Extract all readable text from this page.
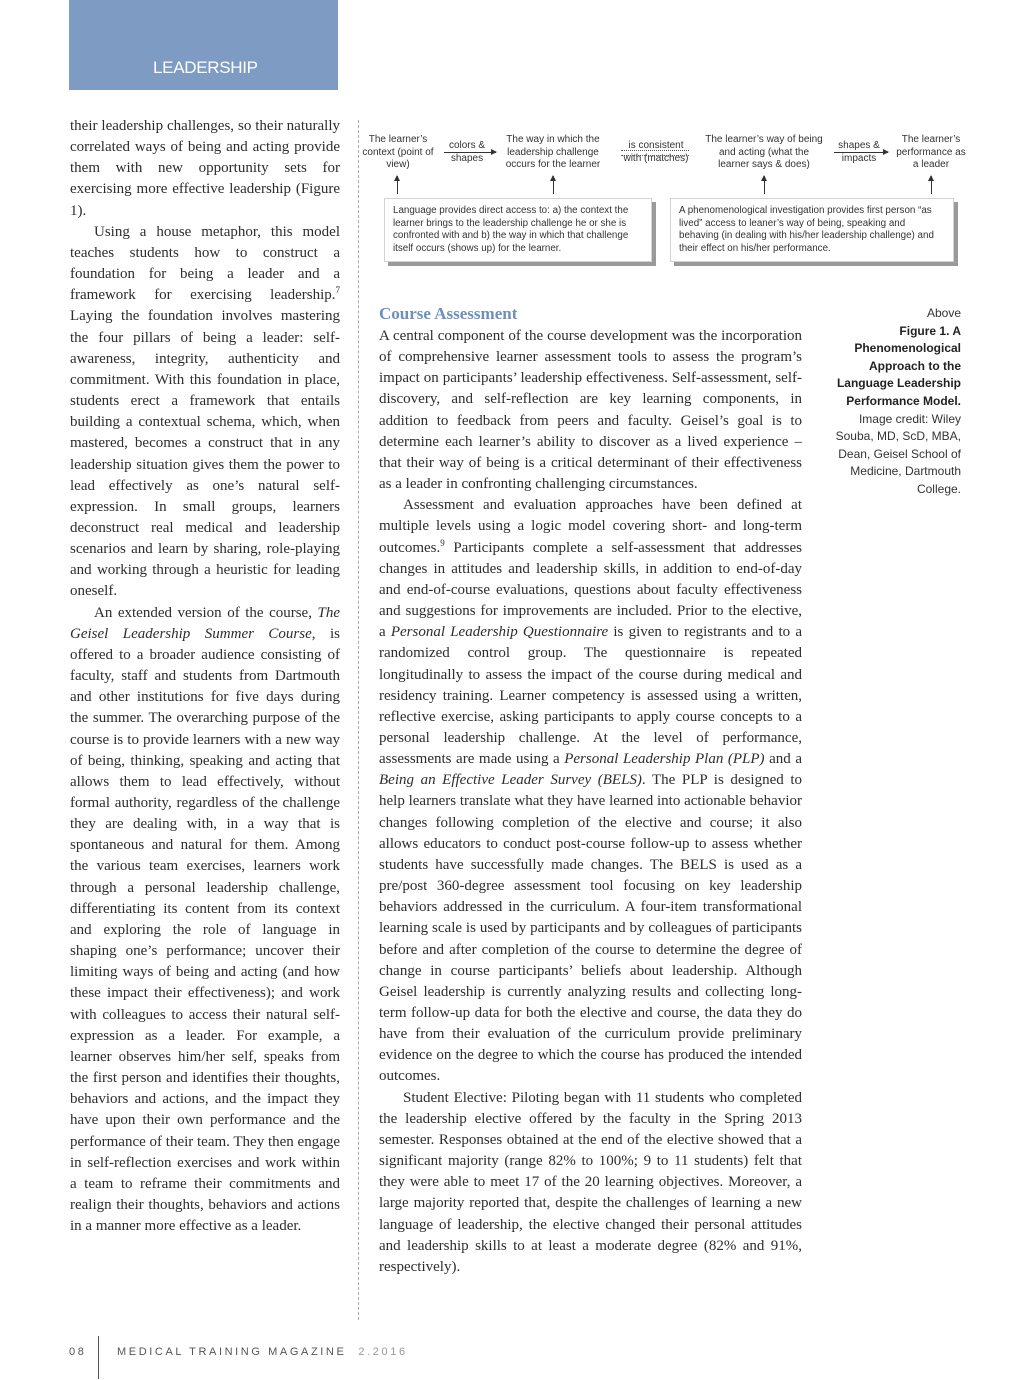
LEADERSHIP

their leadership challenges, so their naturally correlated ways of being and acting provide them with new opportunity sets for exercising more effective leadership (Figure 1).

Using a house metaphor, this model teaches students how to construct a foundation for being a leader and a framework for exercising leadership.$^7$ Laying the foundation involves mastering the four pillars of being a leader: self-awareness, integrity, authenticity and commitment. With this foundation in place, students erect a framework that entails building a contextual schema, which, when mastered, becomes a construct that in any leadership situation gives them the power to lead effectively as one’s natural self-expression. In small groups, learners deconstruct real medical and leadership scenarios and learn by sharing, role-playing and working through a heuristic for leading oneself.

An extended version of the course, The Geisel Leadership Summer Course, is offered to a broader audience consisting of faculty, staff and students from Dartmouth and other institutions for five days during the summer. The overarching purpose of the course is to provide learners with a new way of being, thinking, speaking and acting that allows them to lead effectively, without formal authority, regardless of the challenge they are dealing with, in a way that is spontaneous and natural for them. Among the various team exercises, learners work through a personal leadership challenge, differentiating its content from its context and exploring the role of language in shaping one’s performance; uncover their limiting ways of being and acting (and how these impact their effectiveness); and work with colleagues to access their natural self-expression as a leader. For example, a learner observes him/her self, speaks from the first person and identifies their thoughts, behaviors and actions, and the impact they have upon their own performance and the performance of their team. They then engage in self-reflection exercises and work within a team to reframe their commitments and realign their thoughts, behaviors and actions in a manner more effective as a leader.

The learner’s context (point of view)
colors & shapes
The way in which the leadership challenge occurs for the learner
is consistent with (matches)
The learner’s way of being and acting (what the learner says & does)
shapes & impacts
The learner’s performance as a leader
Language provides direct access to: a) the context the learner brings to the leadership challenge he or she is confronted with and b) the way in which that challenge itself occurs (shows up) for the learner.
A phenomenological investigation provides first person “as lived” access to leaner’s way of being, speaking and behaving (in dealing with his/her leadership challenge) and their effect on his/her performance.
Course Assessment

A central component of the course development was the incorporation of comprehensive learner assessment tools to assess the program’s impact on participants’ leadership effectiveness. Self-assessment, self-discovery, and self-reflection are key learning components, in addition to feedback from peers and faculty. Geisel’s goal is to determine each learner’s ability to discover as a lived experience – that their way of being is a critical determinant of their effectiveness as a leader in confronting challenging circumstances.

Assessment and evaluation approaches have been defined at multiple levels using a logic model covering short- and long-term outcomes.$^9$ Participants complete a self-assessment that addresses changes in attitudes and leadership skills, in addition to end-of-day and end-of-course evaluations, questions about faculty effectiveness and suggestions for improvements are included. Prior to the elective, a Personal Leadership Questionnaire is given to registrants and to a randomized control group. The questionnaire is repeated longitudinally to assess the impact of the course during medical and residency training. Learner competency is assessed using a written, reflective exercise, asking participants to apply course concepts to a personal leadership challenge. At the level of performance, assessments are made using a Personal Leadership Plan (PLP) and a Being an Effective Leader Survey (BELS). The PLP is designed to help learners translate what they have learned into actionable behavior changes following completion of the elective and course; it also allows educators to conduct post-course follow-up to assess whether students have successfully made changes. The BELS is used as a pre/post 360-degree assessment tool focusing on key leadership behaviors addressed in the curriculum. A four-item transformational learning scale is used by participants and by colleagues of participants before and after completion of the course to determine the degree of change in course participants’ beliefs about leadership. Although Geisel leadership is currently analyzing results and collecting long-term follow-up data for both the elective and course, the data they do have from their evaluation of the curriculum provide preliminary evidence on the degree to which the course has produced the intended outcomes.

Student Elective: Piloting began with 11 students who completed the leadership elective offered by the faculty in the Spring 2013 semester. Responses obtained at the end of the elective showed that a significant majority (range 82% to 100%; 9 to 11 students) felt that they were able to meet 17 of the 20 learning objectives. Moreover, a large majority reported that, despite the challenges of learning a new language of leadership, the elective changed their personal attitudes and leadership skills to at least a moderate degree (82% and 91%, respectively).

Above
Figure 1. A Phenomenological Approach to the Language Leadership Performance Model.
Image credit: Wiley Souba, MD, ScD, MBA, Dean, Geisel School of Medicine, Dartmouth College.
08	MEDICAL TRAINING MAGAZINE 2.2016
